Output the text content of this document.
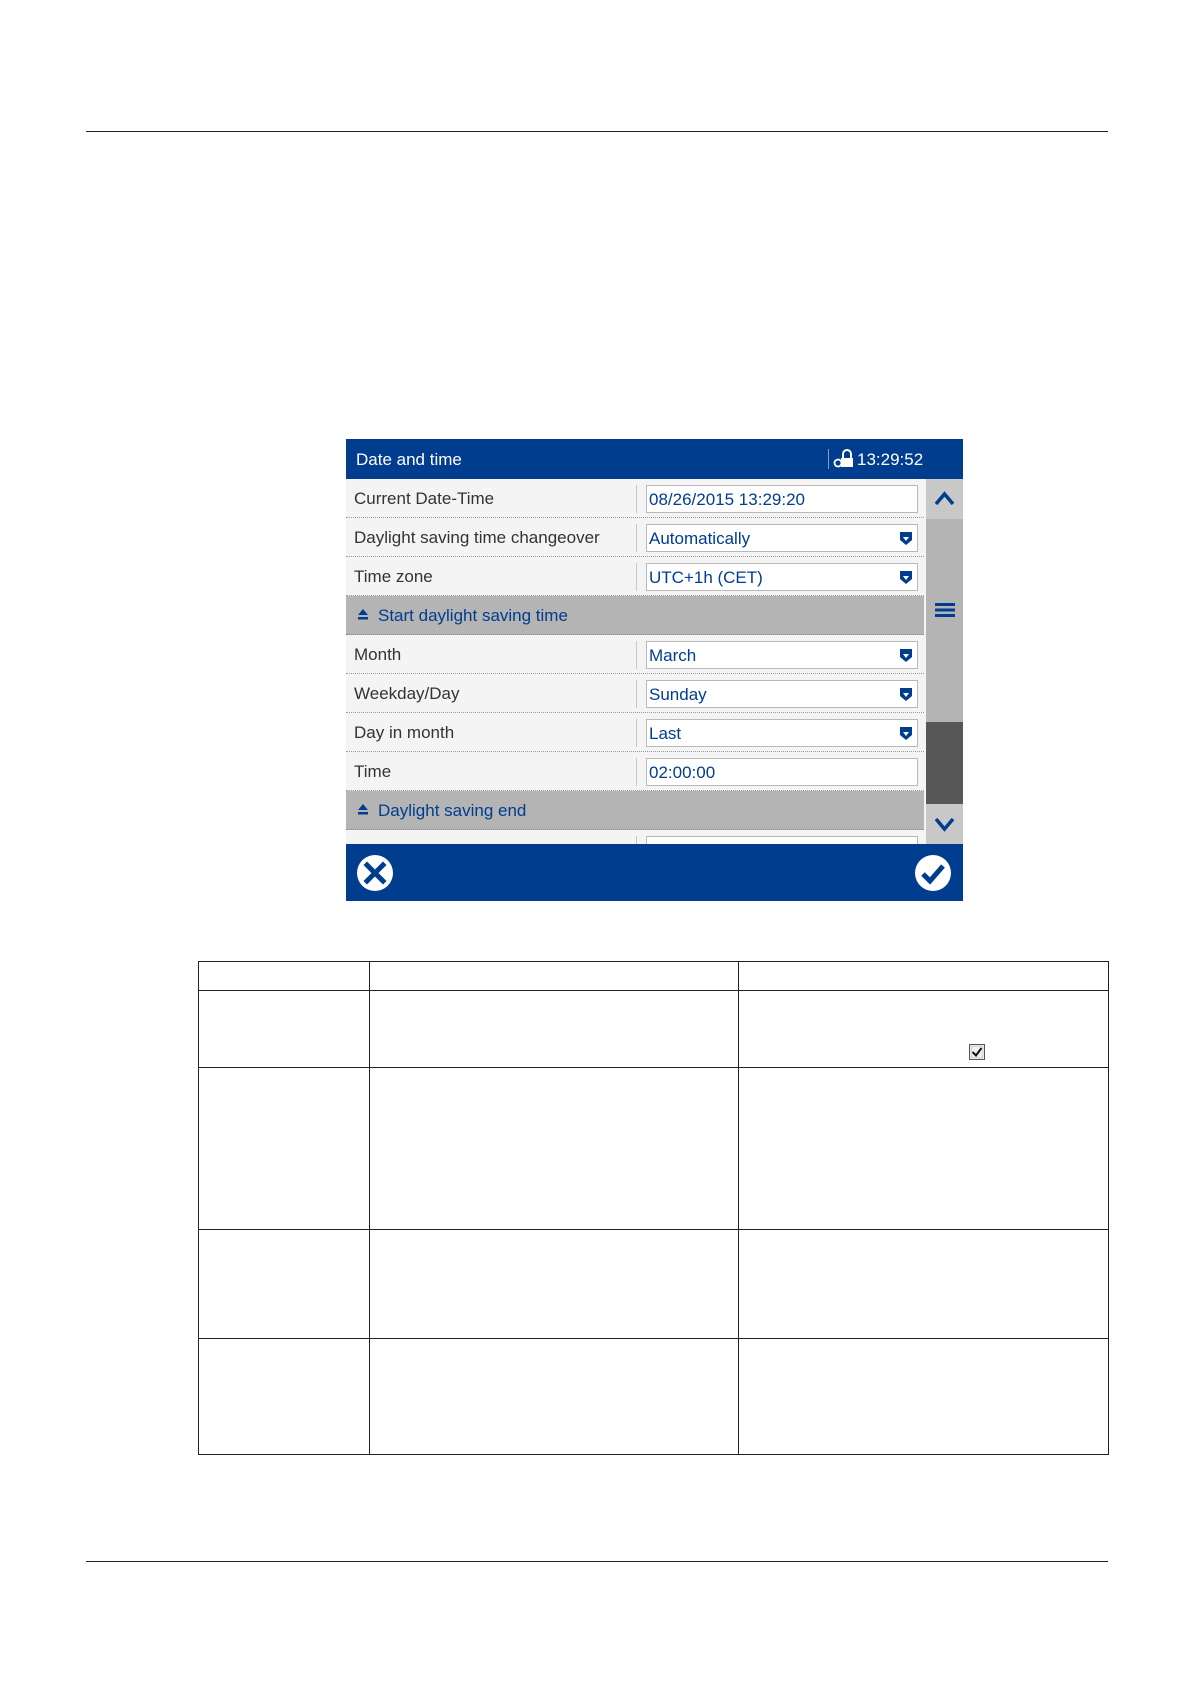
Date and time	13:29:52
Current Date-Time	08/26/2015 13:29:20
Daylight saving time changeover	Automatically
Time zone	UTC+1h (CET)
Start daylight saving time
Month	March
Weekday/Day	Sunday
Day in month	Last
Time	02:00:00
Daylight saving end
